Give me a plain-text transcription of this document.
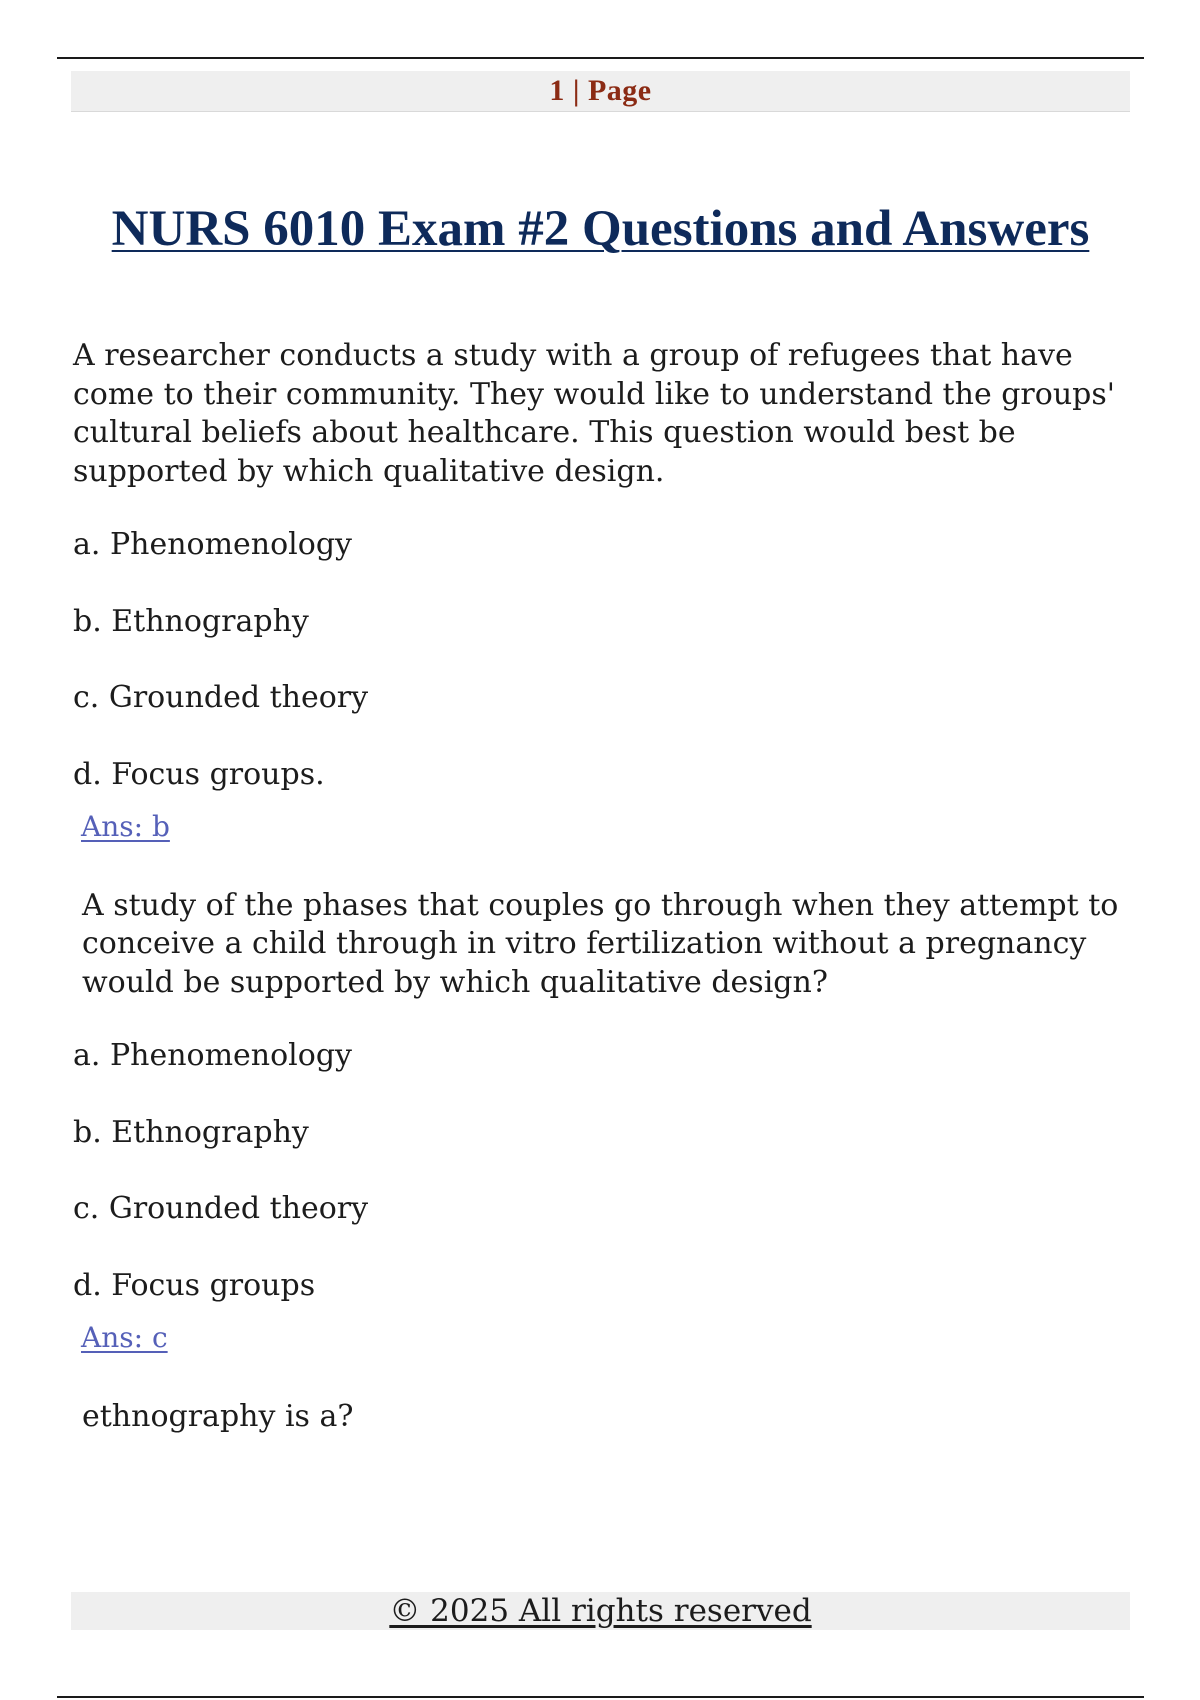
1 | Page
NURS 6010 Exam #2 Questions and Answers

A researcher conducts a study with a group of refugees that have come to their community. They would like to understand the groups' cultural beliefs about healthcare. This question would best be supported by which qualitative design.

a. Phenomenology

b. Ethnography

c. Grounded theory

d. Focus groups.

Ans: b

A study of the phases that couples go through when they attempt to conceive a child through in vitro fertilization without a pregnancy would be supported by which qualitative design?

a. Phenomenology

b. Ethnography

c. Grounded theory

d. Focus groups

Ans: c

ethnography is a?

© 2025 All rights reserved
